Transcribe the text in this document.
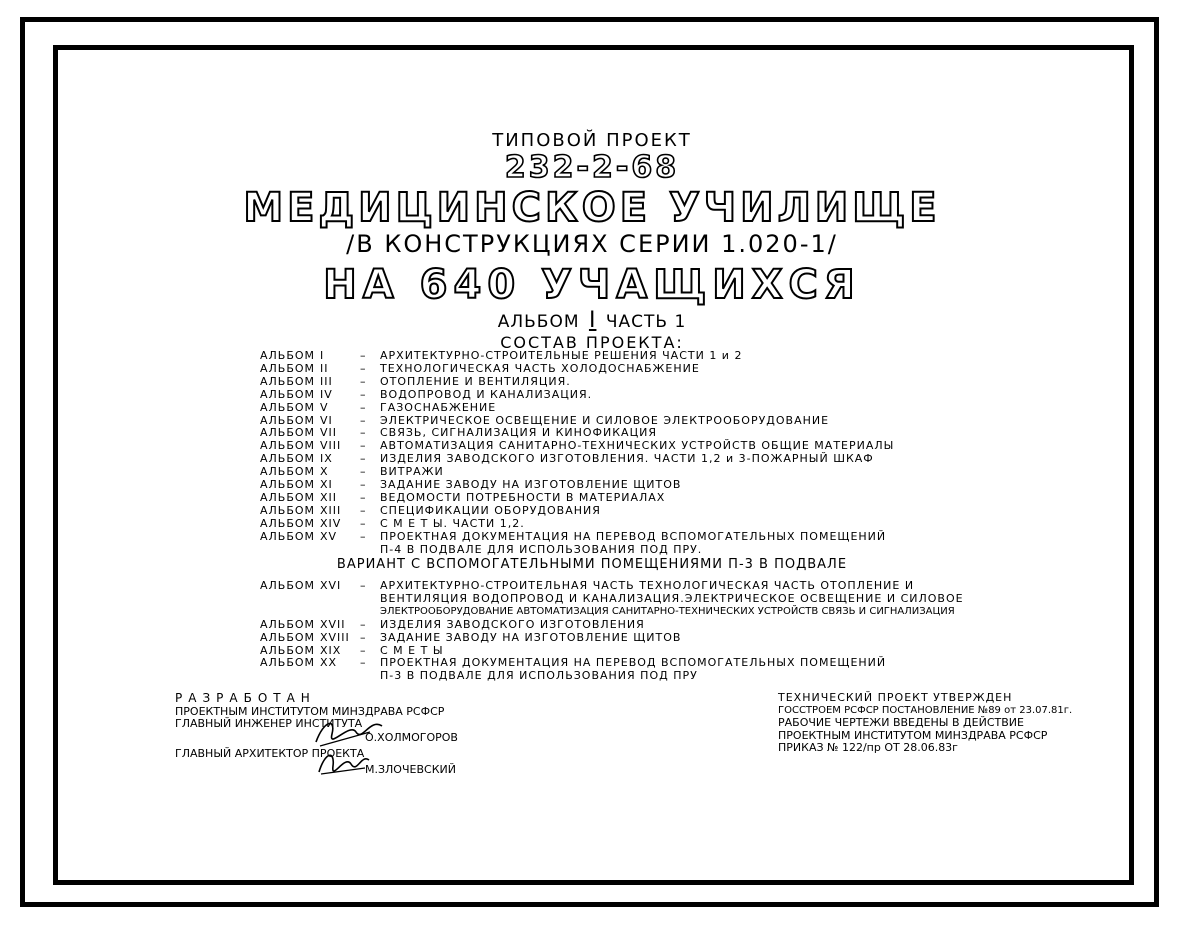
ТИПОВОЙ ПРОЕКТ
232-2-68
МЕДИЦИНСКОЕ УЧИЛИЩЕ
/В КОНСТРУКЦИЯХ СЕРИИ 1.020-1/
НА 640 УЧАЩИХСЯ
АЛЬБОМ I ЧАСТЬ 1
СОСТАВ ПРОЕКТА:
АЛЬБОМ I	–	АРХИТЕКТУРНО-СТРОИТЕЛЬНЫЕ РЕШЕНИЯ ЧАСТИ 1 и 2
АЛЬБОМ II	–	ТЕХНОЛОГИЧЕСКАЯ ЧАСТЬ ХОЛОДОСНАБЖЕНИЕ
АЛЬБОМ III	–	ОТОПЛЕНИЕ И ВЕНТИЛЯЦИЯ.
АЛЬБОМ IV	–	ВОДОПРОВОД И КАНАЛИЗАЦИЯ.
АЛЬБОМ V	–	ГАЗОСНАБЖЕНИЕ
АЛЬБОМ VI	–	ЭЛЕКТРИЧЕСКОЕ ОСВЕЩЕНИЕ И СИЛОВОЕ ЭЛЕКТРООБОРУДОВАНИЕ
АЛЬБОМ VII	–	СВЯЗЬ, СИГНАЛИЗАЦИЯ И КИНОФИКАЦИЯ
АЛЬБОМ VIII	–	АВТОМАТИЗАЦИЯ САНИТАРНО-ТЕХНИЧЕСКИХ УСТРОЙСТВ ОБЩИЕ МАТЕРИАЛЫ
АЛЬБОМ IX	–	ИЗДЕЛИЯ ЗАВОДСКОГО ИЗГОТОВЛЕНИЯ. ЧАСТИ 1,2 и 3-ПОЖАРНЫЙ ШКАФ
АЛЬБОМ X	–	ВИТРАЖИ
АЛЬБОМ XI	–	ЗАДАНИЕ ЗАВОДУ НА ИЗГОТОВЛЕНИЕ ЩИТОВ
АЛЬБОМ XII	–	ВЕДОМОСТИ ПОТРЕБНОСТИ В МАТЕРИАЛАХ
АЛЬБОМ XIII	–	СПЕЦИФИКАЦИИ ОБОРУДОВАНИЯ
АЛЬБОМ XIV	–	С М Е Т Ы. ЧАСТИ 1,2.
АЛЬБОМ XV	–	ПРОЕКТНАЯ ДОКУМЕНТАЦИЯ НА ПЕРЕВОД ВСПОМОГАТЕЛЬНЫХ ПОМЕЩЕНИЙ
П-4 В ПОДВАЛЕ ДЛЯ ИСПОЛЬЗОВАНИЯ ПОД ПРУ.
ВАРИАНТ С ВСПОМОГАТЕЛЬНЫМИ ПОМЕЩЕНИЯМИ П-3 В ПОДВАЛЕ
АЛЬБОМ XVI	–	АРХИТЕКТУРНО-СТРОИТЕЛЬНАЯ ЧАСТЬ ТЕХНОЛОГИЧЕСКАЯ ЧАСТЬ ОТОПЛЕНИЕ И
ВЕНТИЛЯЦИЯ ВОДОПРОВОД И КАНАЛИЗАЦИЯ.ЭЛЕКТРИЧЕСКОЕ ОСВЕЩЕНИЕ И СИЛОВОЕ
ЭЛЕКТРООБОРУДОВАНИЕ АВТОМАТИЗАЦИЯ САНИТАРНО-ТЕХНИЧЕСКИХ УСТРОЙСТВ СВЯЗЬ И СИГНАЛИЗАЦИЯ
АЛЬБОМ XVII	–	ИЗДЕЛИЯ ЗАВОДСКОГО ИЗГОТОВЛЕНИЯ
АЛЬБОМ XVIII –	ЗАДАНИЕ ЗАВОДУ НА ИЗГОТОВЛЕНИЕ ЩИТОВ
АЛЬБОМ XIX	–	С М Е Т Ы
АЛЬБОМ XX	–	ПРОЕКТНАЯ ДОКУМЕНТАЦИЯ НА ПЕРЕВОД ВСПОМОГАТЕЛЬНЫХ ПОМЕЩЕНИЙ
П-3 В ПОДВАЛЕ ДЛЯ ИСПОЛЬЗОВАНИЯ ПОД ПРУ
РАЗРАБОТАН
ПРОЕКТНЫМ ИНСТИТУТОМ МИНЗДРАВА РСФСР
ГЛАВНЫЙ ИНЖЕНЕР ИНСТИТУТА
О.ХОЛМОГОРОВ
ГЛАВНЫЙ АРХИТЕКТОР ПРОЕКТА
М.ЗЛОЧЕВСКИЙ
ТЕХНИЧЕСКИЙ ПРОЕКТ УТВЕРЖДЕН
ГОССТРОЕМ РСФСР ПОСТАНОВЛЕНИЕ №89 от 23.07.81г.
РАБОЧИЕ ЧЕРТЕЖИ ВВЕДЕНЫ В ДЕЙСТВИЕ
ПРОЕКТНЫМ ИНСТИТУТОМ МИНЗДРАВА РСФСР
ПРИКАЗ № 122/пр ОТ 28.06.83г
